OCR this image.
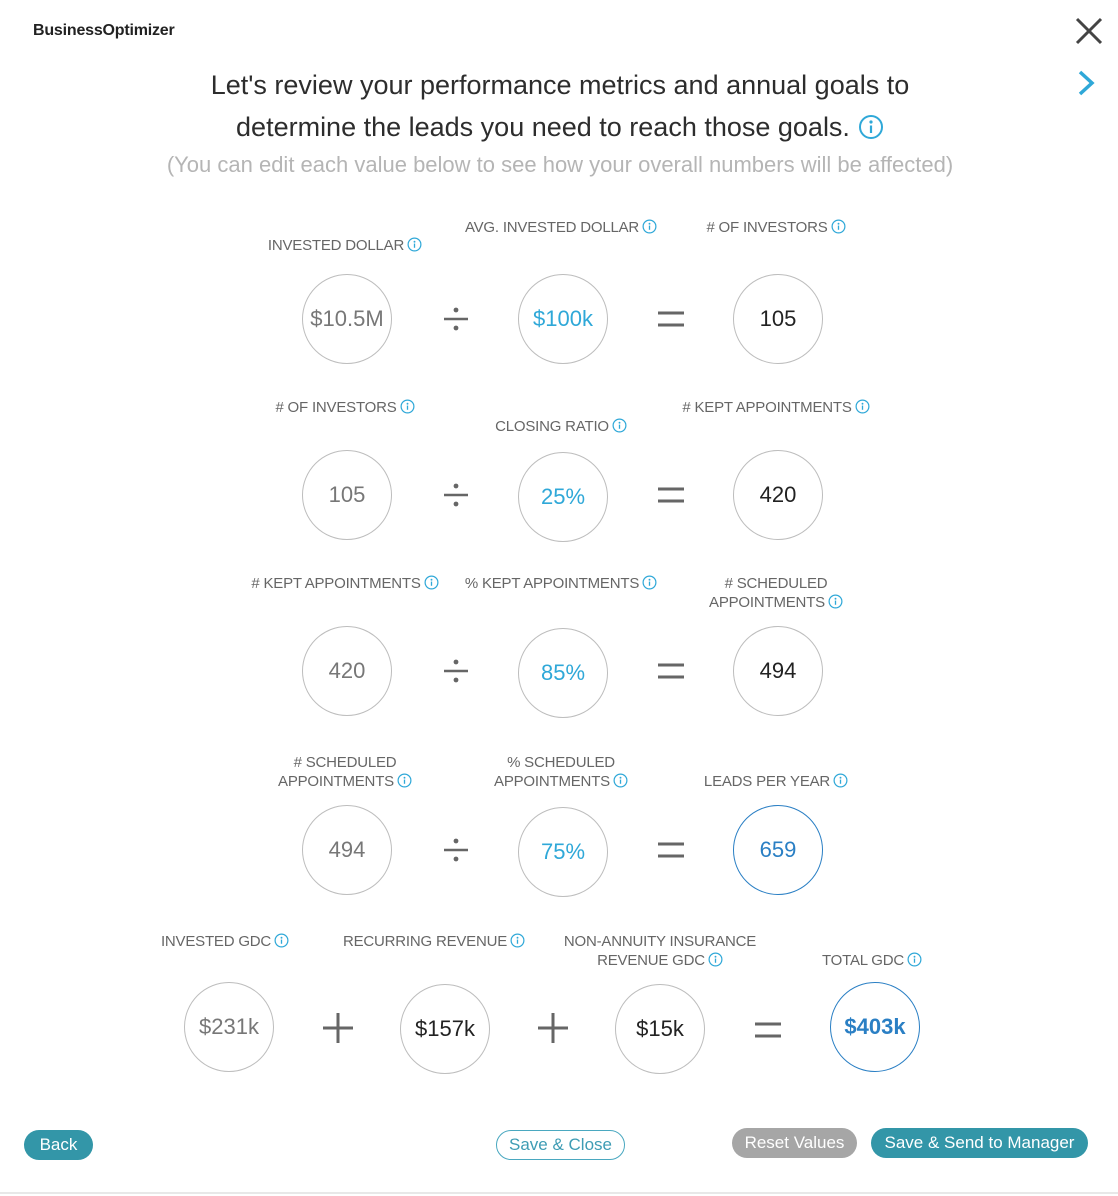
BusinessOptimizer
Let's review your performance metrics and annual goals to
determine the leads you need to reach those goals.
(You can edit each value below to see how your overall numbers will be affected)
INVESTED DOLLAR
$10.5M
AVG. INVESTED DOLLAR
$100k
# OF INVESTORS
105
# OF INVESTORS
105
CLOSING RATIO
25%
# KEPT APPOINTMENTS
420
# KEPT APPOINTMENTS
420
% KEPT APPOINTMENTS
85%
# SCHEDULED APPOINTMENTS
494
# SCHEDULED APPOINTMENTS
494
% SCHEDULED APPOINTMENTS
75%
LEADS PER YEAR
659
INVESTED GDC
$231k
RECURRING REVENUE
$157k
NON-ANNUITY INSURANCE REVENUE GDC
$15k
TOTAL GDC
$403k
Back	Save & Close	Reset Values	Save & Send to Manager
